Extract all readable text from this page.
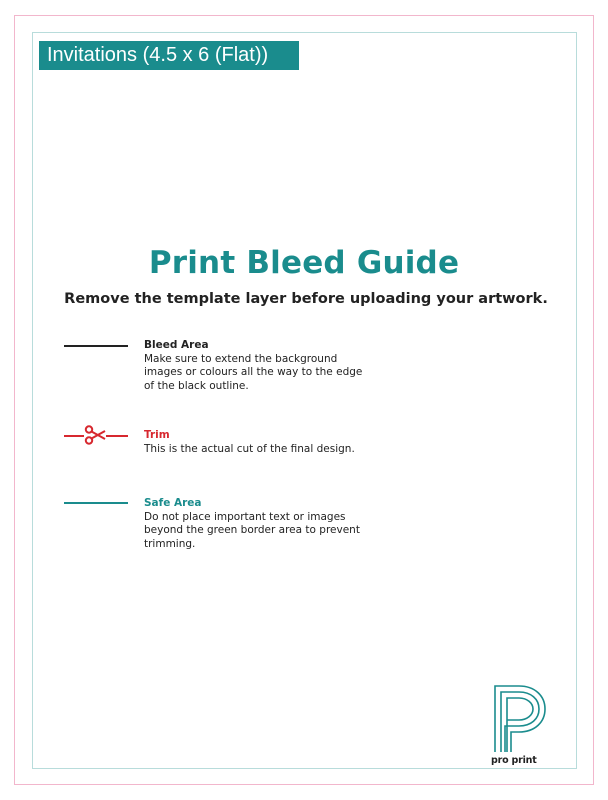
Invitations (4.5 x 6 (Flat))
Print Bleed Guide
Remove the template layer before uploading your artwork.
Bleed Area
Make sure to extend the background images or colours all the way to the edge of the black outline.
Trim
This is the actual cut of the final design.
Safe Area
Do not place important text or images beyond the green border area to prevent trimming.
pro print
